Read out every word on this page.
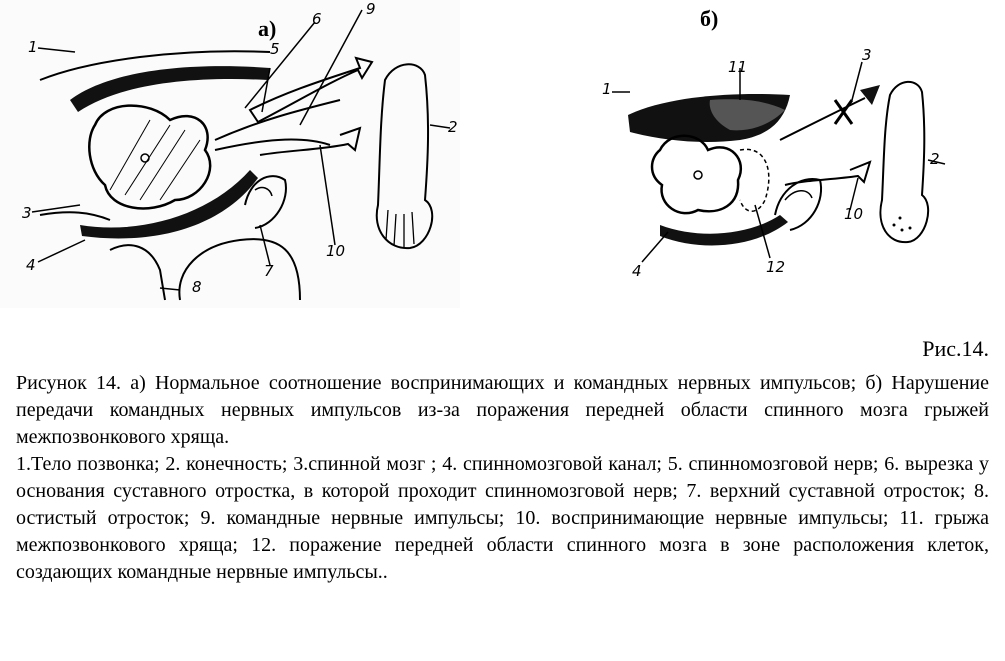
а)
1
2
3
4
5
6
7
8
9
10
б)
1
2
3
4
10
11
12
Рис.14.

Рисунок 14. а) Нормальное соотношение воспринимающих и командных нервных импульсов; б) Нарушение передачи командных нервных импульсов из-за поражения передней области спинного мозга грыжей межпозвонкового хряща.

1.Тело позвонка; 2. конечность; 3.спинной мозг ; 4. спинномозговой канал; 5. спинномозговой нерв; 6. вырезка у основания суставного отростка, в которой проходит спинномозговой нерв; 7. верхний суставной отросток; 8. остистый отросток; 9. командные нервные импульсы; 10. воспринимающие нервные импульсы; 11. грыжа межпозвонкового хряща; 12. поражение передней области спинного мозга в зоне расположения клеток, создающих командные нервные импульсы..
